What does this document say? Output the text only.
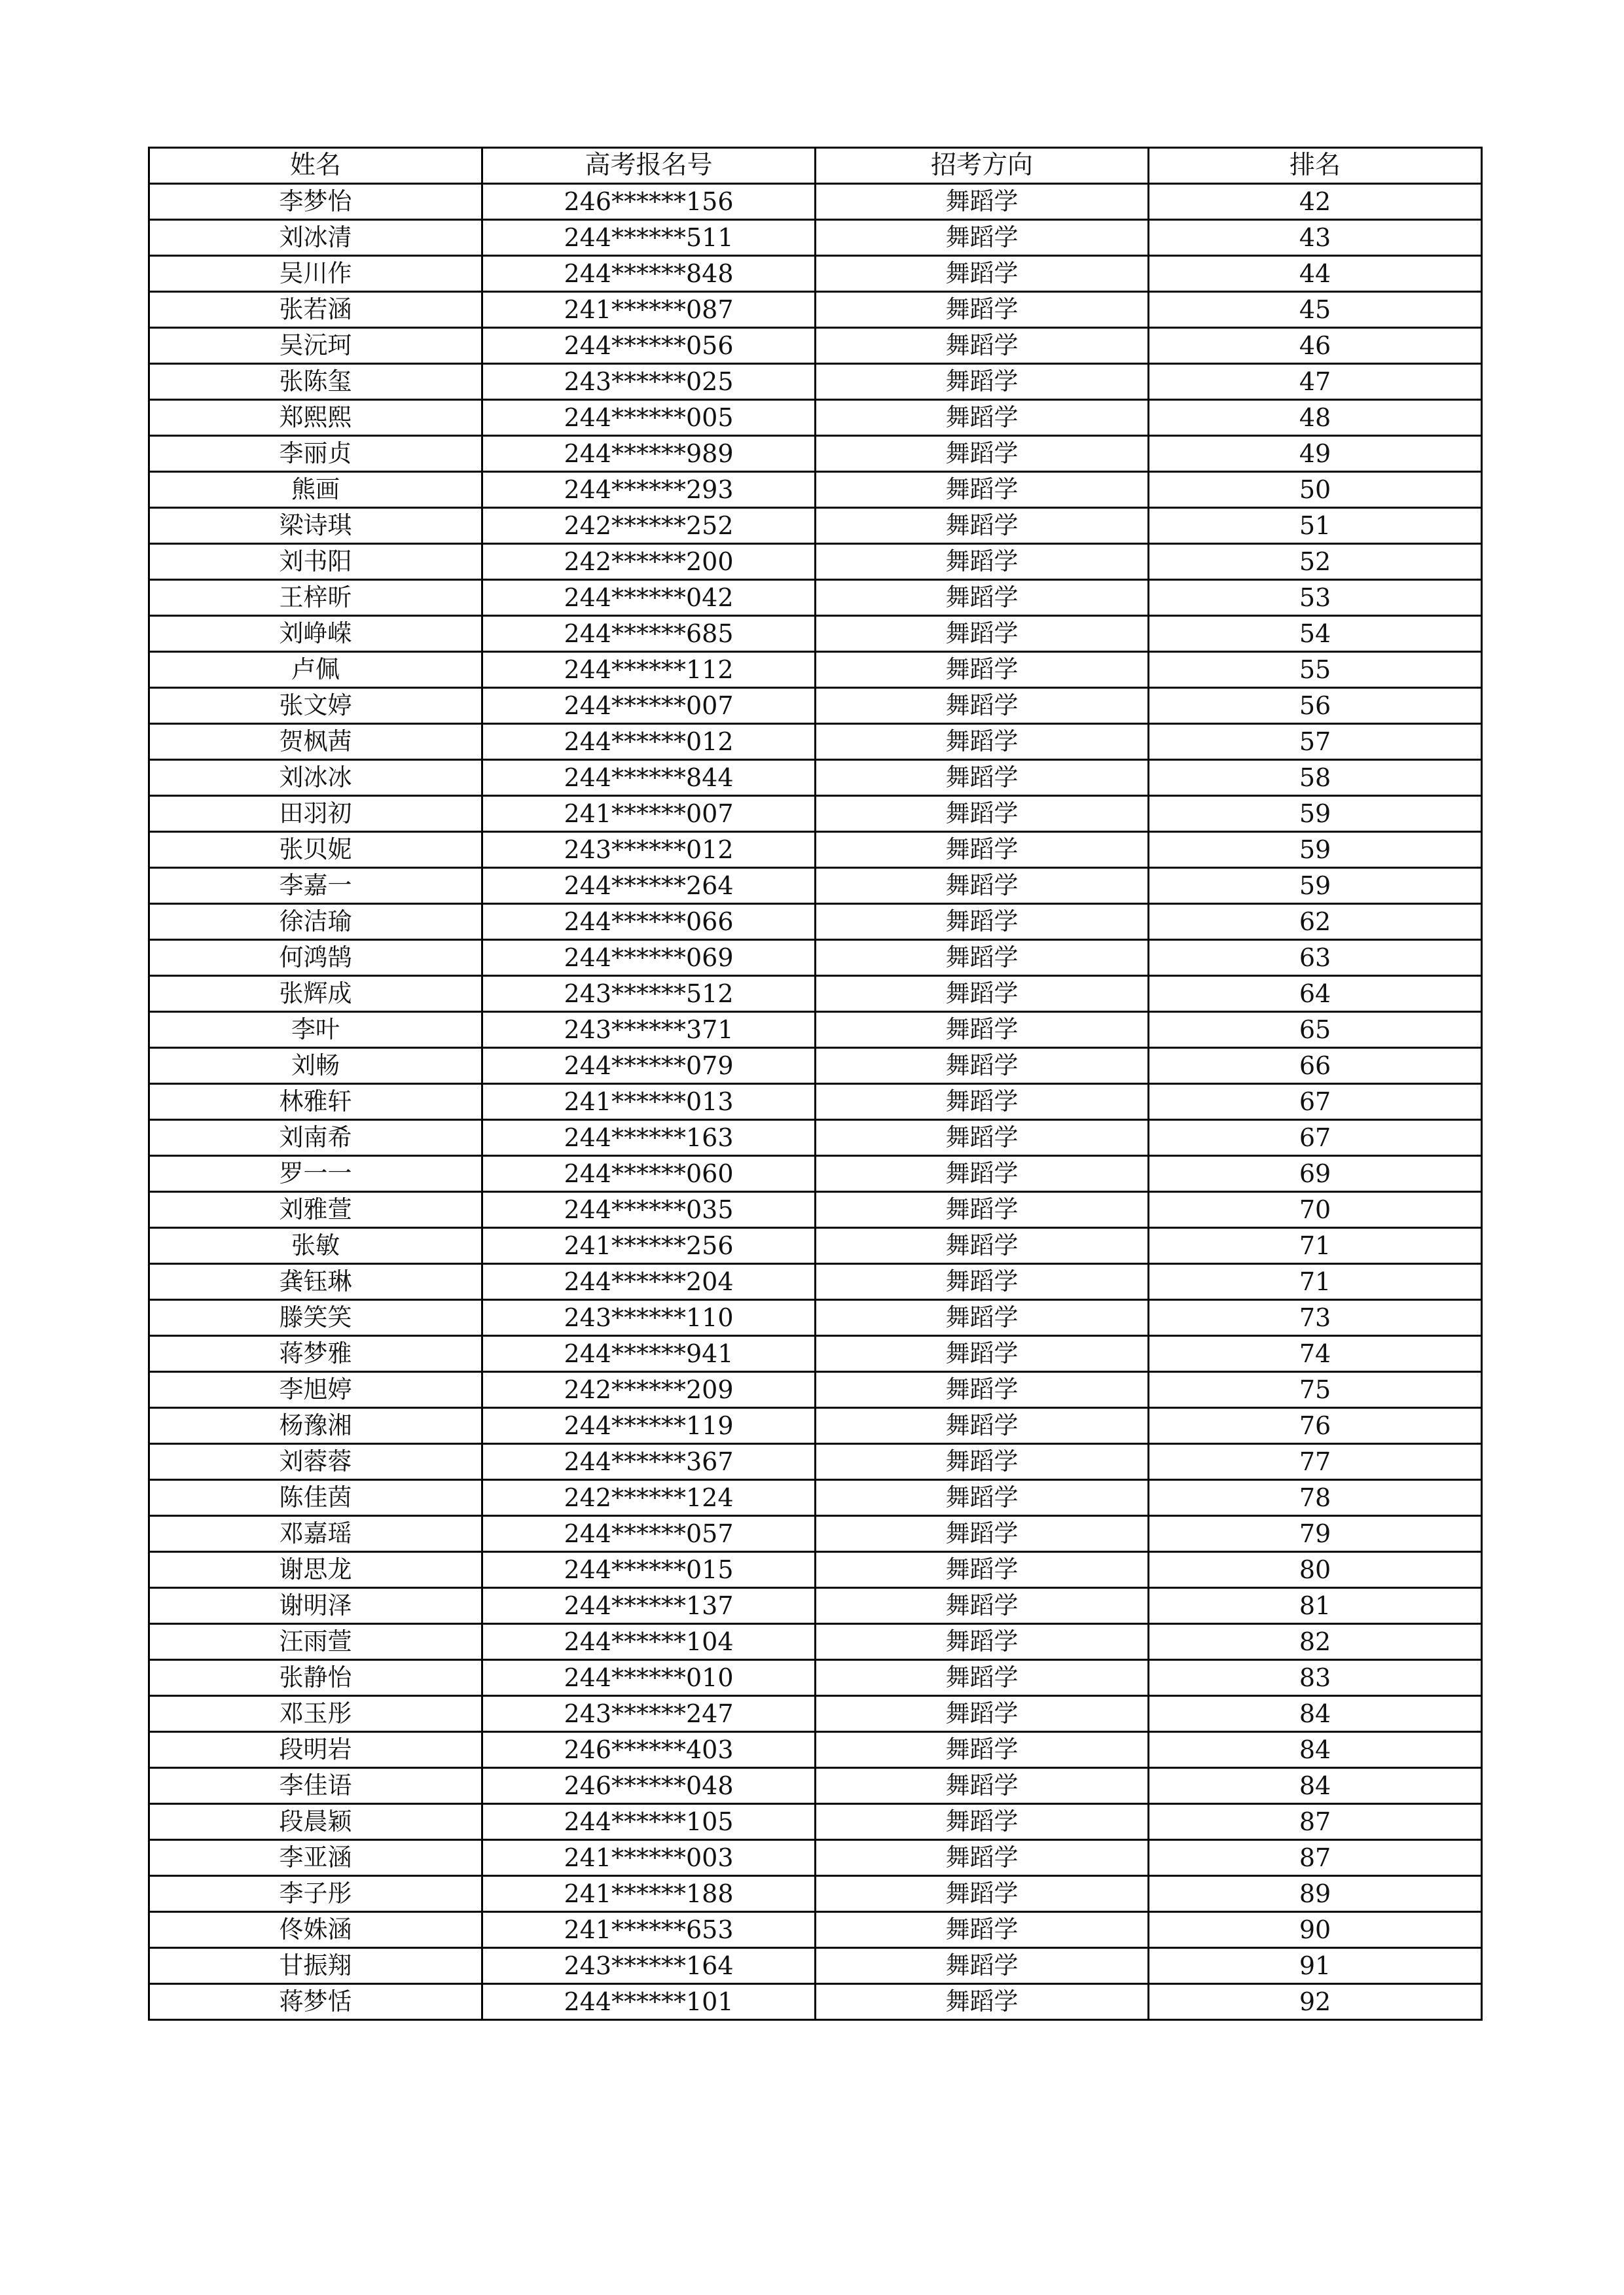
姓名	高考报名号	招考方向	排名
李梦怡	246******156	舞蹈学	42
刘冰清	244******511	舞蹈学	43
吴川作	244******848	舞蹈学	44
张若涵	241******087	舞蹈学	45
吴沅珂	244******056	舞蹈学	46
张陈玺	243******025	舞蹈学	47
郑熙熙	244******005	舞蹈学	48
李丽贞	244******989	舞蹈学	49
熊画	244******293	舞蹈学	50
梁诗琪	242******252	舞蹈学	51
刘书阳	242******200	舞蹈学	52
王梓昕	244******042	舞蹈学	53
刘峥嵘	244******685	舞蹈学	54
卢佩	244******112	舞蹈学	55
张文婷	244******007	舞蹈学	56
贺枫茜	244******012	舞蹈学	57
刘冰冰	244******844	舞蹈学	58
田羽初	241******007	舞蹈学	59
张贝妮	243******012	舞蹈学	59
李嘉一	244******264	舞蹈学	59
徐洁瑜	244******066	舞蹈学	62
何鸿鹄	244******069	舞蹈学	63
张辉成	243******512	舞蹈学	64
李叶	243******371	舞蹈学	65
刘畅	244******079	舞蹈学	66
林雅轩	241******013	舞蹈学	67
刘南希	244******163	舞蹈学	67
罗一一	244******060	舞蹈学	69
刘雅萱	244******035	舞蹈学	70
张敏	241******256	舞蹈学	71
龚钰琳	244******204	舞蹈学	71
滕笑笑	243******110	舞蹈学	73
蒋梦雅	244******941	舞蹈学	74
李旭婷	242******209	舞蹈学	75
杨豫湘	244******119	舞蹈学	76
刘蓉蓉	244******367	舞蹈学	77
陈佳茵	242******124	舞蹈学	78
邓嘉瑶	244******057	舞蹈学	79
谢思龙	244******015	舞蹈学	80
谢明泽	244******137	舞蹈学	81
汪雨萱	244******104	舞蹈学	82
张静怡	244******010	舞蹈学	83
邓玉彤	243******247	舞蹈学	84
段明岩	246******403	舞蹈学	84
李佳语	246******048	舞蹈学	84
段晨颖	244******105	舞蹈学	87
李亚涵	241******003	舞蹈学	87
李子彤	241******188	舞蹈学	89
佟姝涵	241******653	舞蹈学	90
甘振翔	243******164	舞蹈学	91
蒋梦恬	244******101	舞蹈学	92
